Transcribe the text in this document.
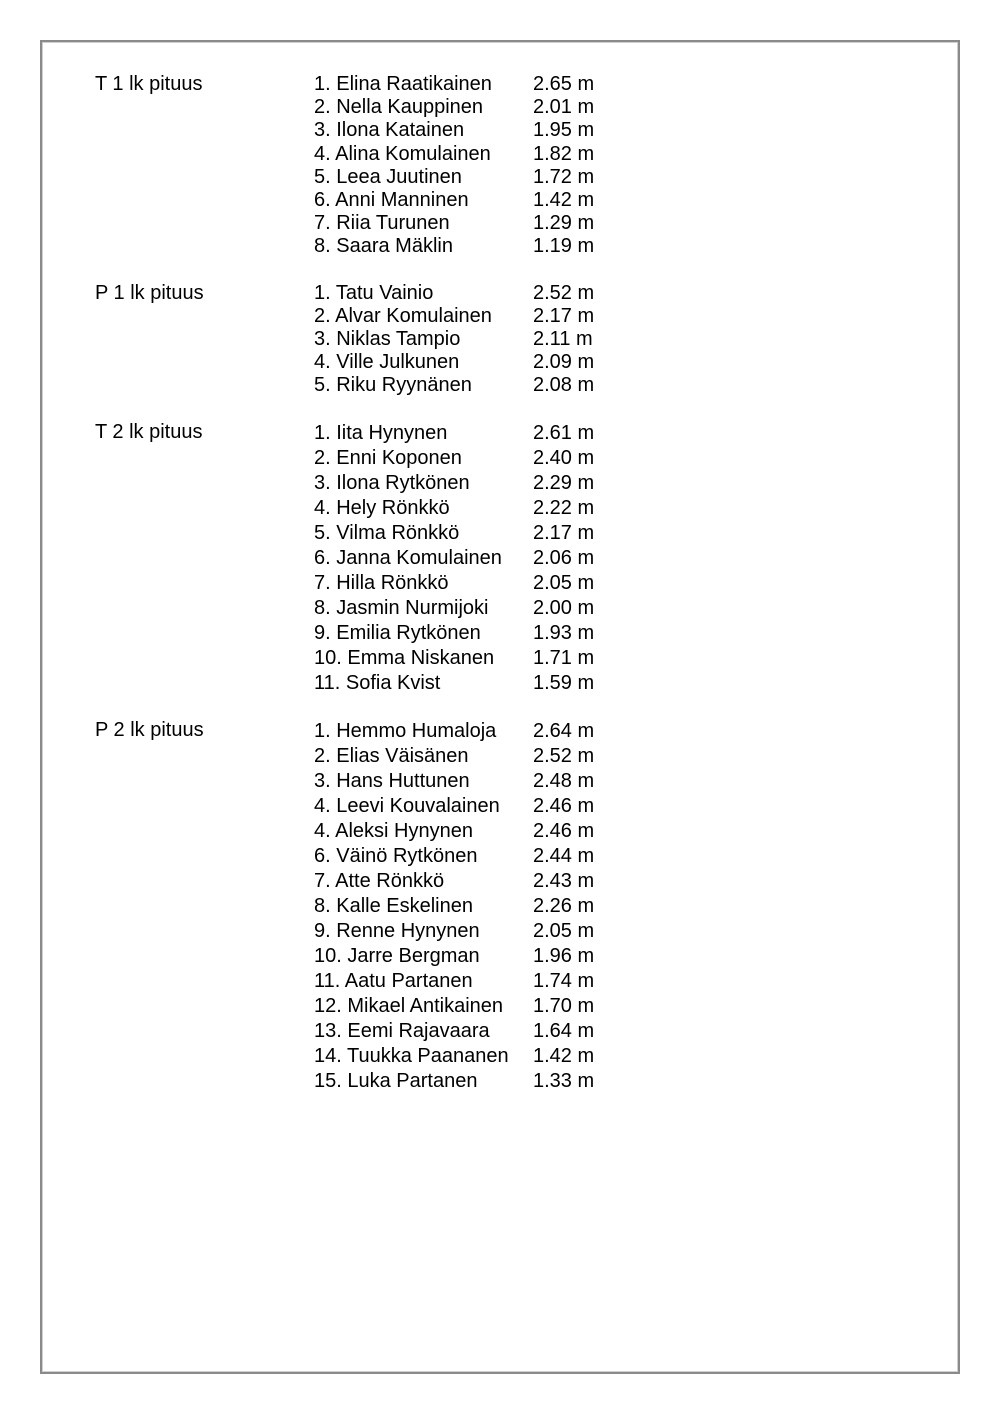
T 1 lk pituus	1. Elina Raatikainen	2.65 m
2. Nella Kauppinen	2.01 m
3. Ilona Katainen	1.95 m
4. Alina Komulainen	1.82 m
5. Leea Juutinen	1.72 m
6. Anni Manninen	1.42 m
7. Riia Turunen	1.29 m
8. Saara Mäklin	1.19 m
P 1 lk pituus	1. Tatu Vainio	2.52 m
2. Alvar Komulainen	2.17 m
3. Niklas Tampio	2.11 m
4. Ville Julkunen	2.09 m
5. Riku Ryynänen	2.08 m
T 2 lk pituus	1. Iita Hynynen	2.61 m
2. Enni Koponen	2.40 m
3. Ilona Rytkönen	2.29 m
4. Hely Rönkkö	2.22 m
5. Vilma Rönkkö	2.17 m
6. Janna Komulainen	2.06 m
7. Hilla Rönkkö	2.05 m
8. Jasmin Nurmijoki	2.00 m
9. Emilia Rytkönen	1.93 m
10. Emma Niskanen	1.71 m
11. Sofia Kvist	1.59 m
P 2 lk pituus	1. Hemmo Humaloja	2.64 m
2. Elias Väisänen	2.52 m
3. Hans Huttunen	2.48 m
4. Leevi Kouvalainen	2.46 m
4. Aleksi Hynynen	2.46 m
6. Väinö Rytkönen	2.44 m
7. Atte Rönkkö	2.43 m
8. Kalle Eskelinen	2.26 m
9. Renne Hynynen	2.05 m
10. Jarre Bergman	1.96 m
11. Aatu Partanen	1.74 m
12. Mikael Antikainen	1.70 m
13. Eemi Rajavaara	1.64 m
14. Tuukka Paananen	1.42 m
15. Luka Partanen	1.33 m
